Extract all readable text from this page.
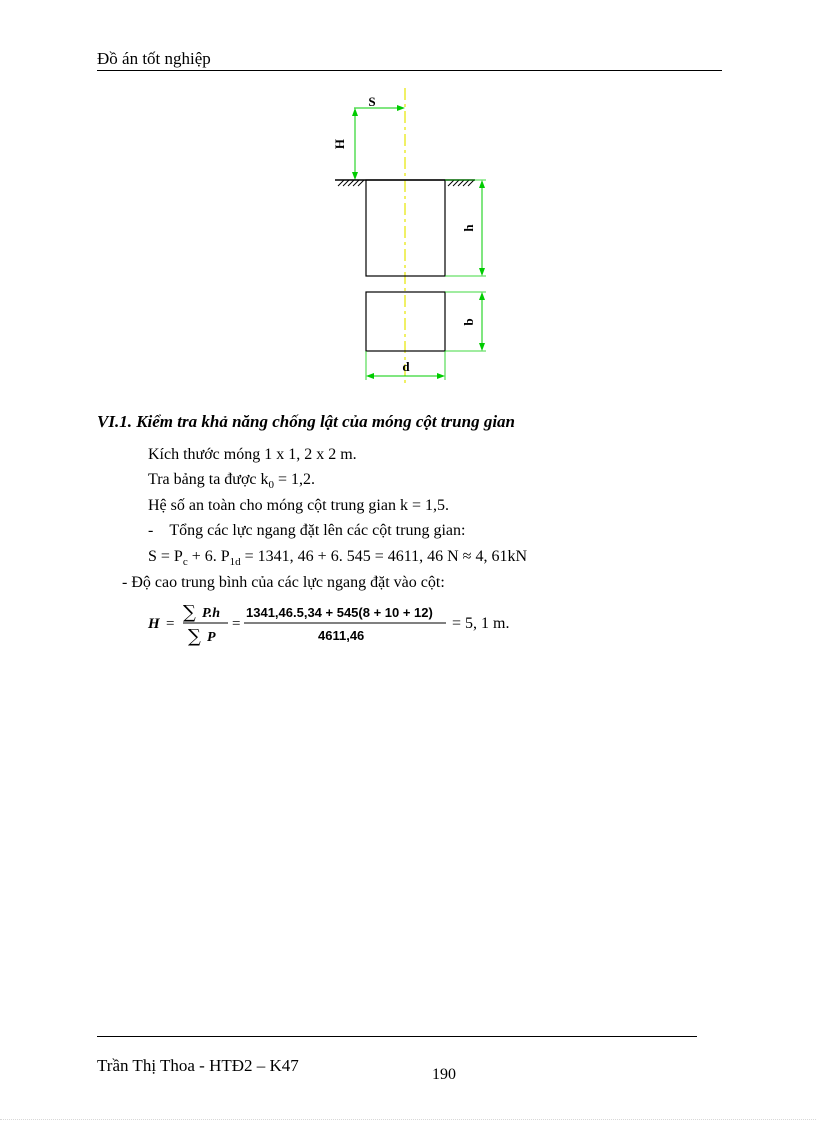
Đồ án tốt nghiệp
S
H
h
b
d
VI.1. Kiểm tra khả năng chống lật của móng cột trung gian
Kích thước móng 1 x 1, 2 x 2 m.
Tra bảng ta được $k_0 = 1,2$.
Hệ số an toàn cho móng cột trung gian k = 1,5.
- Tổng các lực ngang đặt lên các cột trung gian:
$S = P_c + 6$. $P_{1d} = 1341$, 46 + 6. 545 = 4611, 46 N ≈ 4, 61kN
- Độ cao trung bình của các lực ngang đặt vào cột:
H =
∑ P.h
∑ P
=
1341,46.5,34 + 545(8 + 10 + 12)
4611,46
= 5, 1 m.
Trần Thị Thoa - HTĐ2 – K47	190
